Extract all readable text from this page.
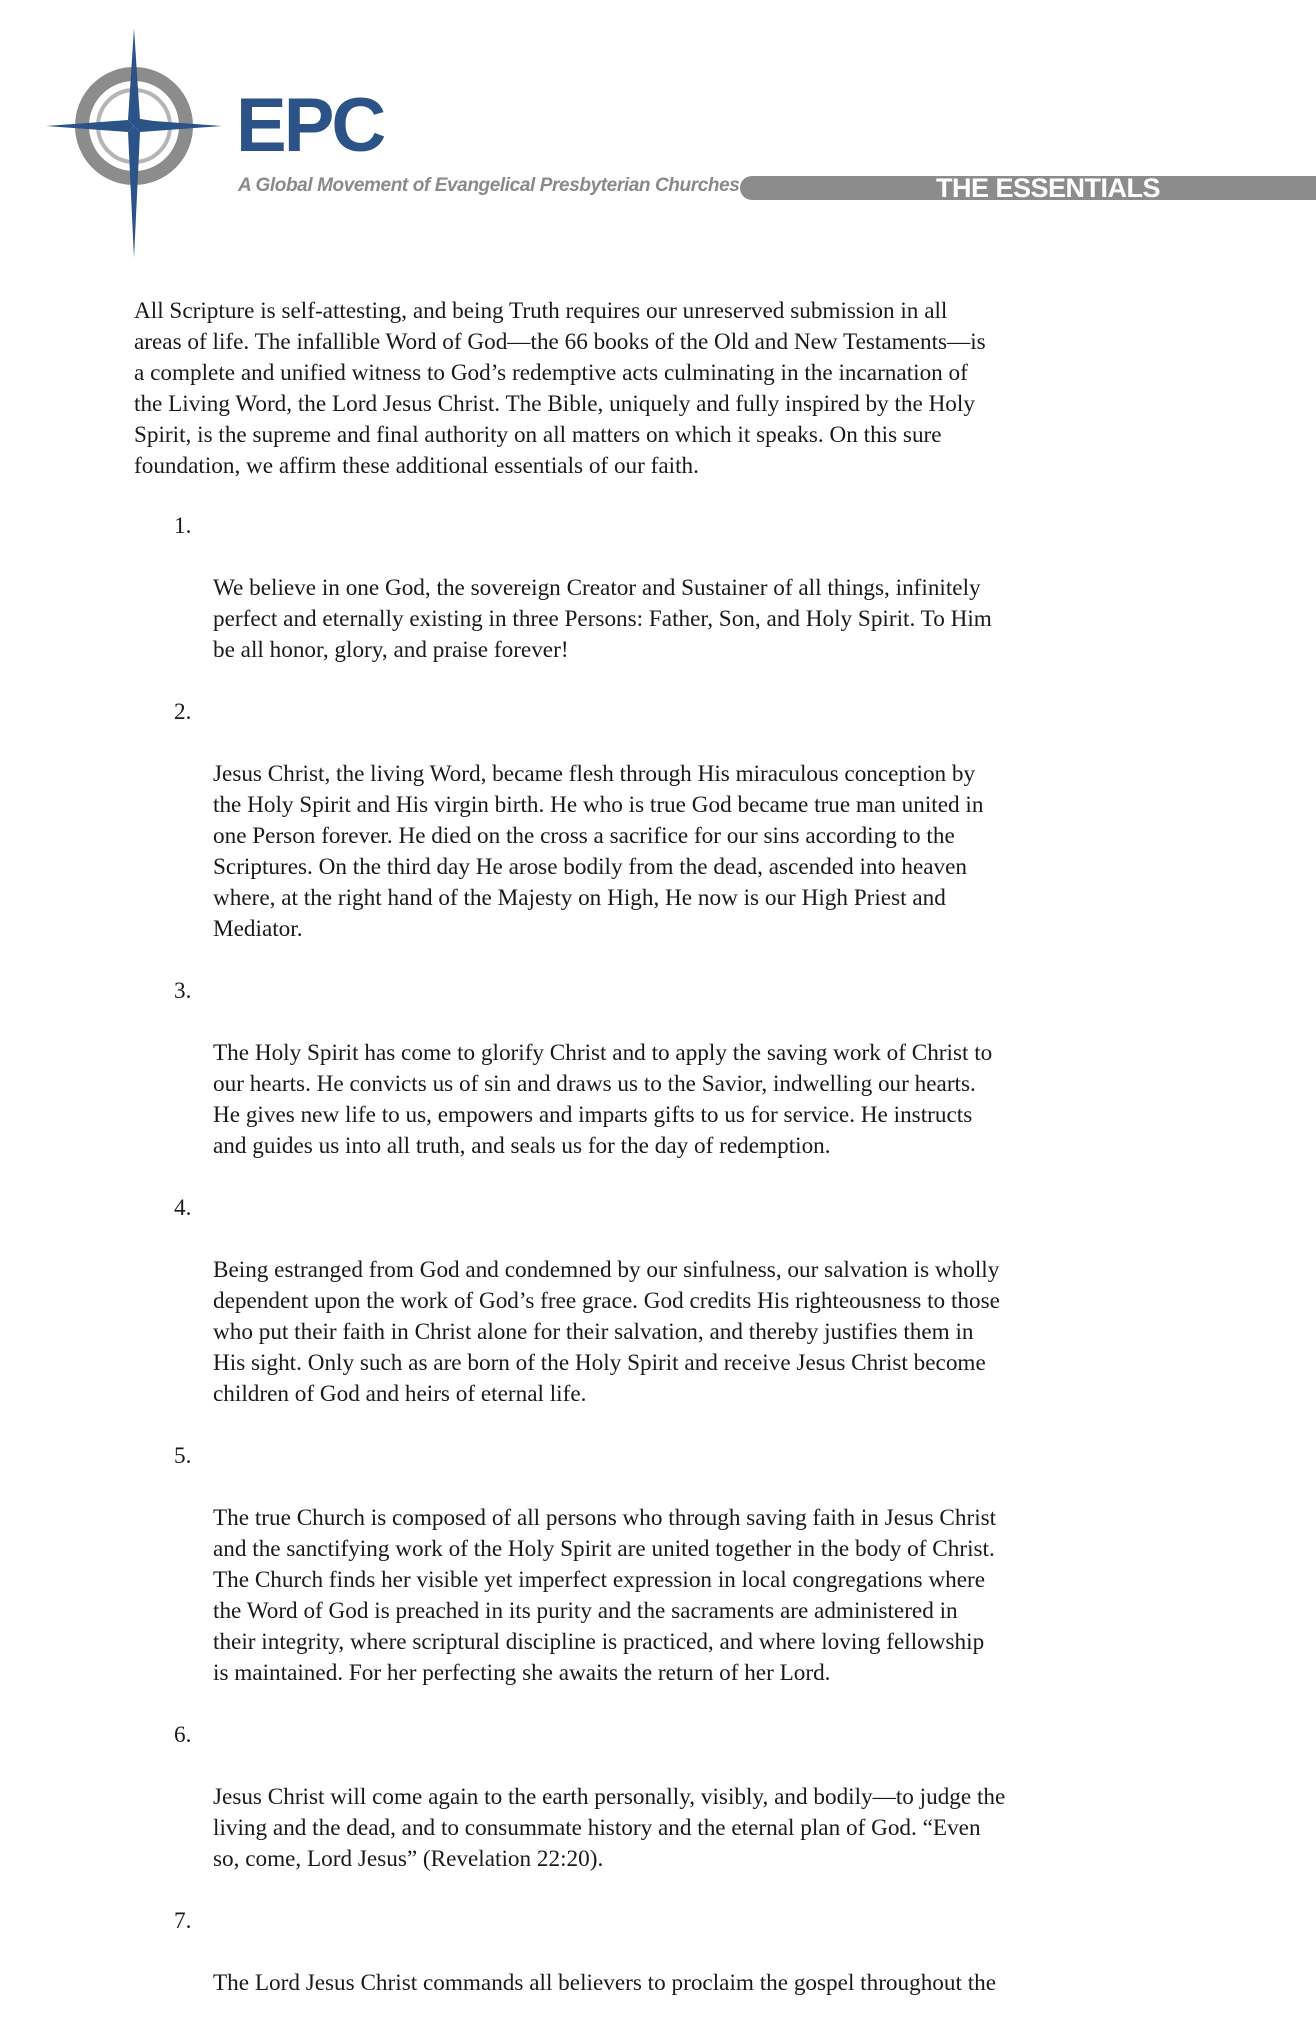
EPC
A Global Movement of Evangelical Presbyterian Churches	THE ESSENTIALS

All Scripture is self-attesting, and being Truth requires our unreserved submission in all
areas of life. The infallible Word of God—the 66 books of the Old and New Testaments—is
a complete and unified witness to God’s redemptive acts culminating in the incarnation of
the Living Word, the Lord Jesus Christ. The Bible, uniquely and fully inspired by the Holy
Spirit, is the supreme and final authority on all matters on which it speaks. On this sure
foundation, we affirm these additional essentials of our faith.

1.

We believe in one God, the sovereign Creator and Sustainer of all things, infinitely
perfect and eternally existing in three Persons: Father, Son, and Holy Spirit. To Him
be all honor, glory, and praise forever!

2.

Jesus Christ, the living Word, became flesh through His miraculous conception by
the Holy Spirit and His virgin birth. He who is true God became true man united in
one Person forever. He died on the cross a sacrifice for our sins according to the
Scriptures. On the third day He arose bodily from the dead, ascended into heaven
where, at the right hand of the Majesty on High, He now is our High Priest and
Mediator.

3.

The Holy Spirit has come to glorify Christ and to apply the saving work of Christ to
our hearts. He convicts us of sin and draws us to the Savior, indwelling our hearts.
He gives new life to us, empowers and imparts gifts to us for service. He instructs
and guides us into all truth, and seals us for the day of redemption.

4.

Being estranged from God and condemned by our sinfulness, our salvation is wholly
dependent upon the work of God’s free grace. God credits His righteousness to those
who put their faith in Christ alone for their salvation, and thereby justifies them in
His sight. Only such as are born of the Holy Spirit and receive Jesus Christ become
children of God and heirs of eternal life.

5.

The true Church is composed of all persons who through saving faith in Jesus Christ
and the sanctifying work of the Holy Spirit are united together in the body of Christ.
The Church finds her visible yet imperfect expression in local congregations where
the Word of God is preached in its purity and the sacraments are administered in
their integrity, where scriptural discipline is practiced, and where loving fellowship
is maintained. For her perfecting she awaits the return of her Lord.

6.

Jesus Christ will come again to the earth personally, visibly, and bodily—to judge the
living and the dead, and to consummate history and the eternal plan of God. “Even
so, come, Lord Jesus” (Revelation 22:20).

7.

The Lord Jesus Christ commands all believers to proclaim the gospel throughout the
